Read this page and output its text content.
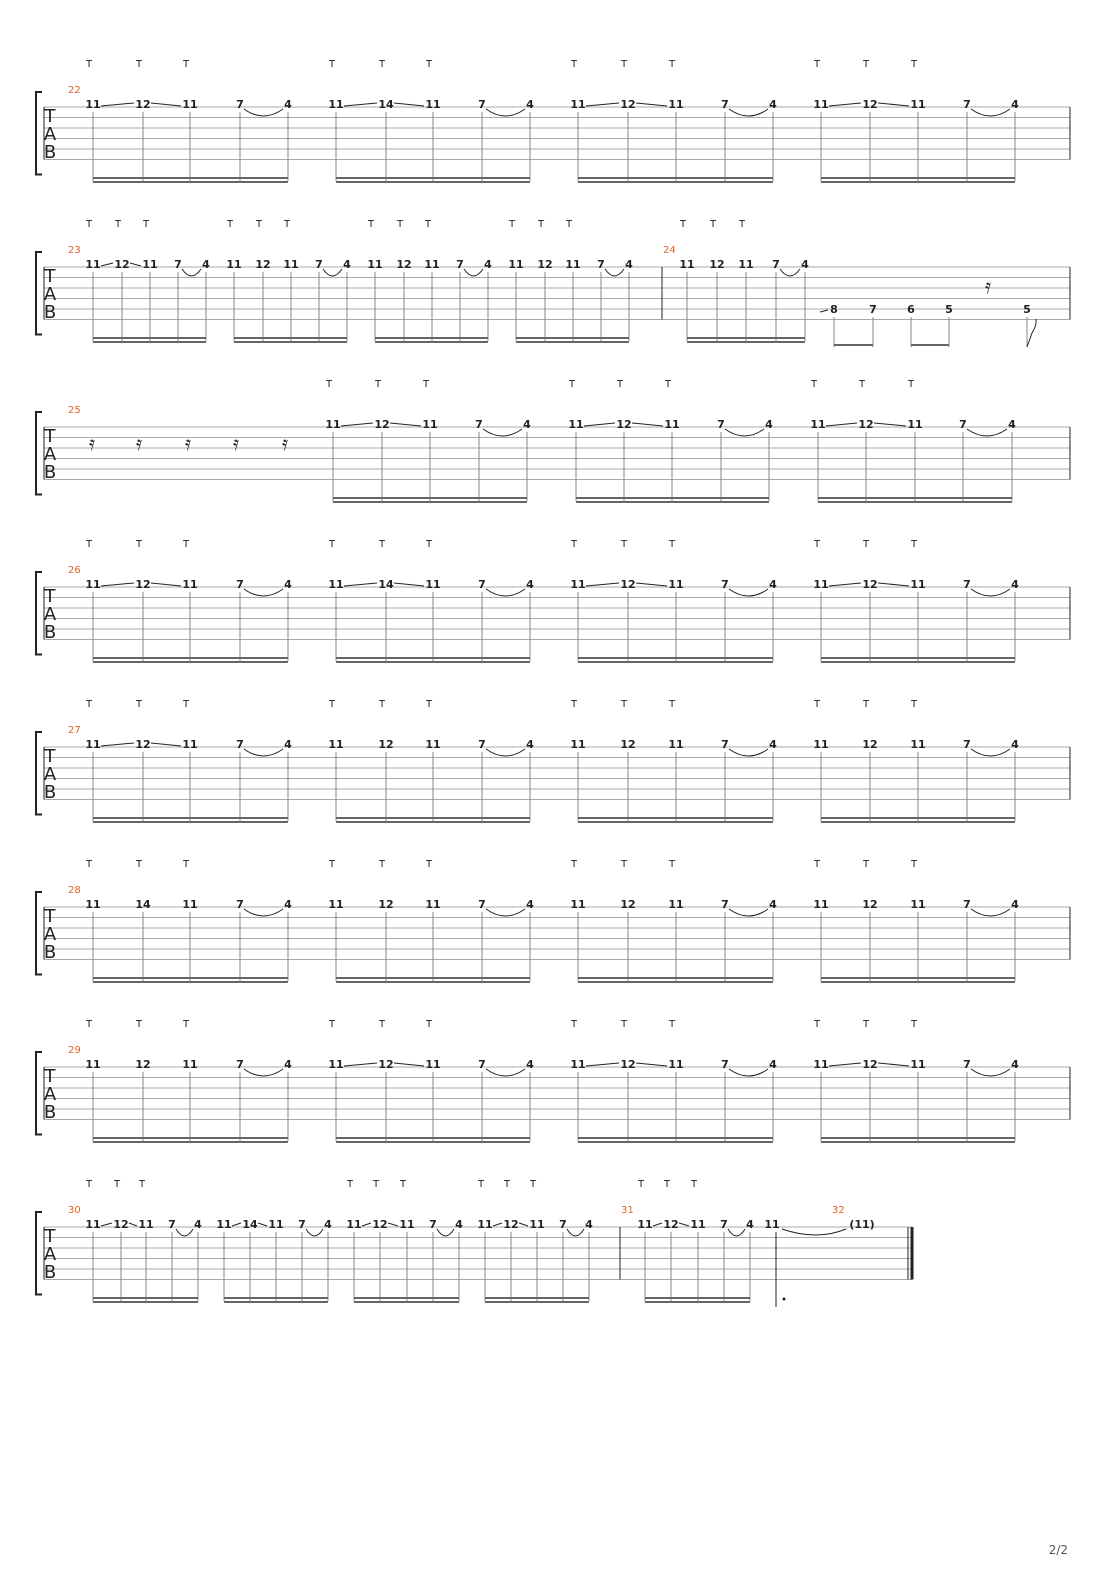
T
A
B
22
11
T
12
T
11
T
7	4	11
T
14
T
11
T
7	4	11
T
12
T
11
T
7	4	11
T
12
T
11
T
7	4
T
A
B
23	24
11
T
12
T
11
T
7 4 11
T
12
T
11
T
7 4 11
T
12
T
11
T
7 4 11
T
12
T
11
T
7 4	11
T
12
T
11
T
7 4
8	7	6	5	5
𝄿
T
A
B
25
11
T
12
T
11
T
7	4	11
T
12
T
11
T
7	4	11
T
12
T
11
T
7	4
𝄿 𝄿 𝄿 𝄿 𝄿
T
A
B
26
11
T
12
T
11
T
7	4	11
T
14
T
11
T
7	4	11
T
12
T
11
T
7	4	11
T
12
T
11
T
7	4
T
A
B
27
11
T
12
T
11
T
7	4	11
T
12
T
11
T
7	4	11
T
12
T
11
T
7	4	11
T
12
T
11
T
7	4
T
A
B
28
11
T
14
T
11
T
7	4	11
T
12
T
11
T
7	4	11
T
12
T
11
T
7	4	11
T
12
T
11
T
7	4
T
A
B
29
11
T
12
T
11
T
7	4	11
T
12
T
11
T
7	4	11
T
12
T
11
T
7	4	11
T
12
T
11
T
7	4
T
A
B
30	31	32
11
T
12
T
11
T
7 4 11 14 11 7 4 11
T
12
T
11
T
7 4 11
T
12
T
11
T
7 4	11
T
12
T
11
T
7 4 11	(11)
2/2
